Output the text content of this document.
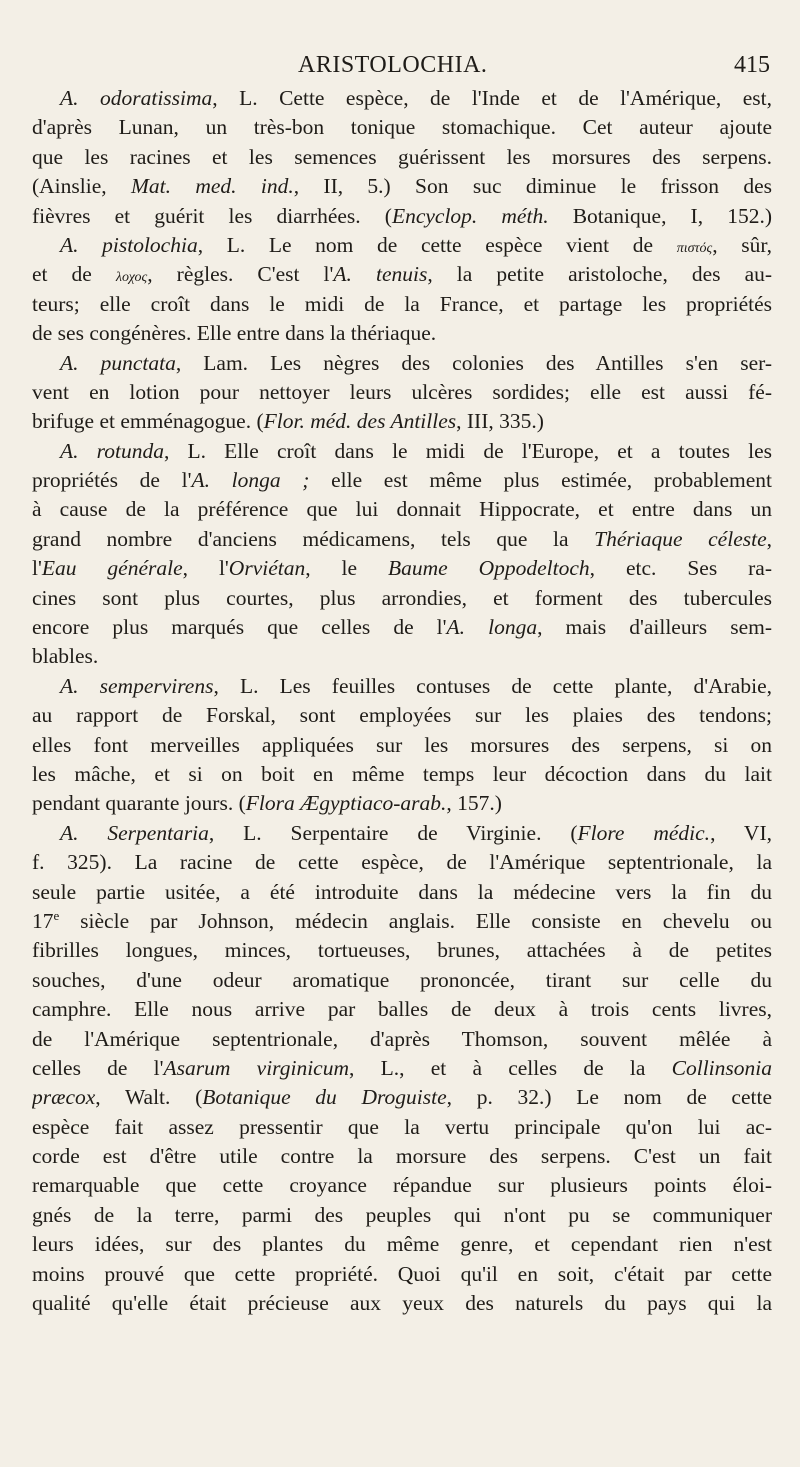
ARISTOLOCHIA.	415
A. odoratissima, L. Cette espèce, de l'Inde et de l'Amérique, est,
d'après Lunan, un très-bon tonique stomachique. Cet auteur ajoute
que les racines et les semences guérissent les morsures des serpens.
(Ainslie, Mat. med. ind., II, 5.) Son suc diminue le frisson des
fièvres et guérit les diarrhées. (Encyclop. méth. Botanique, I, 152.)
A. pistolochia, L. Le nom de cette espèce vient de πιστός, sûr,
et de λοχος, règles. C'est l'A. tenuis, la petite aristoloche, des au-
teurs; elle croît dans le midi de la France, et partage les propriétés
de ses congénères. Elle entre dans la thériaque.
A. punctata, Lam. Les nègres des colonies des Antilles s'en ser-
vent en lotion pour nettoyer leurs ulcères sordides; elle est aussi fé-
brifuge et emménagogue. (Flor. méd. des Antilles, III, 335.)
A. rotunda, L. Elle croît dans le midi de l'Europe, et a toutes les
propriétés de l'A. longa ; elle est même plus estimée, probablement
à cause de la préférence que lui donnait Hippocrate, et entre dans un
grand nombre d'anciens médicamens, tels que la Thériaque céleste,
l'Eau générale, l'Orviétan, le Baume Oppodeltoch, etc. Ses ra-
cines sont plus courtes, plus arrondies, et forment des tubercules
encore plus marqués que celles de l'A. longa, mais d'ailleurs sem-
blables.
A. sempervirens, L. Les feuilles contuses de cette plante, d'Arabie,
au rapport de Forskal, sont employées sur les plaies des tendons;
elles font merveilles appliquées sur les morsures des serpens, si on
les mâche, et si on boit en même temps leur décoction dans du lait
pendant quarante jours. (Flora Ægyptiaco-arab., 157.)
A. Serpentaria, L. Serpentaire de Virginie. (Flore médic., VI,
f. 325). La racine de cette espèce, de l'Amérique septentrionale, la
seule partie usitée, a été introduite dans la médecine vers la fin du
17e siècle par Johnson, médecin anglais. Elle consiste en chevelu ou
fibrilles longues, minces, tortueuses, brunes, attachées à de petites
souches, d'une odeur aromatique prononcée, tirant sur celle du
camphre. Elle nous arrive par balles de deux à trois cents livres,
de l'Amérique septentrionale, d'après Thomson, souvent mêlée à
celles de l'Asarum virginicum, L., et à celles de la Collinsonia
præcox, Walt. (Botanique du Droguiste, p. 32.) Le nom de cette
espèce fait assez pressentir que la vertu principale qu'on lui ac-
corde est d'être utile contre la morsure des serpens. C'est un fait
remarquable que cette croyance répandue sur plusieurs points éloi-
gnés de la terre, parmi des peuples qui n'ont pu se communiquer
leurs idées, sur des plantes du même genre, et cependant rien n'est
moins prouvé que cette propriété. Quoi qu'il en soit, c'était par cette
qualité qu'elle était précieuse aux yeux des naturels du pays qui la
